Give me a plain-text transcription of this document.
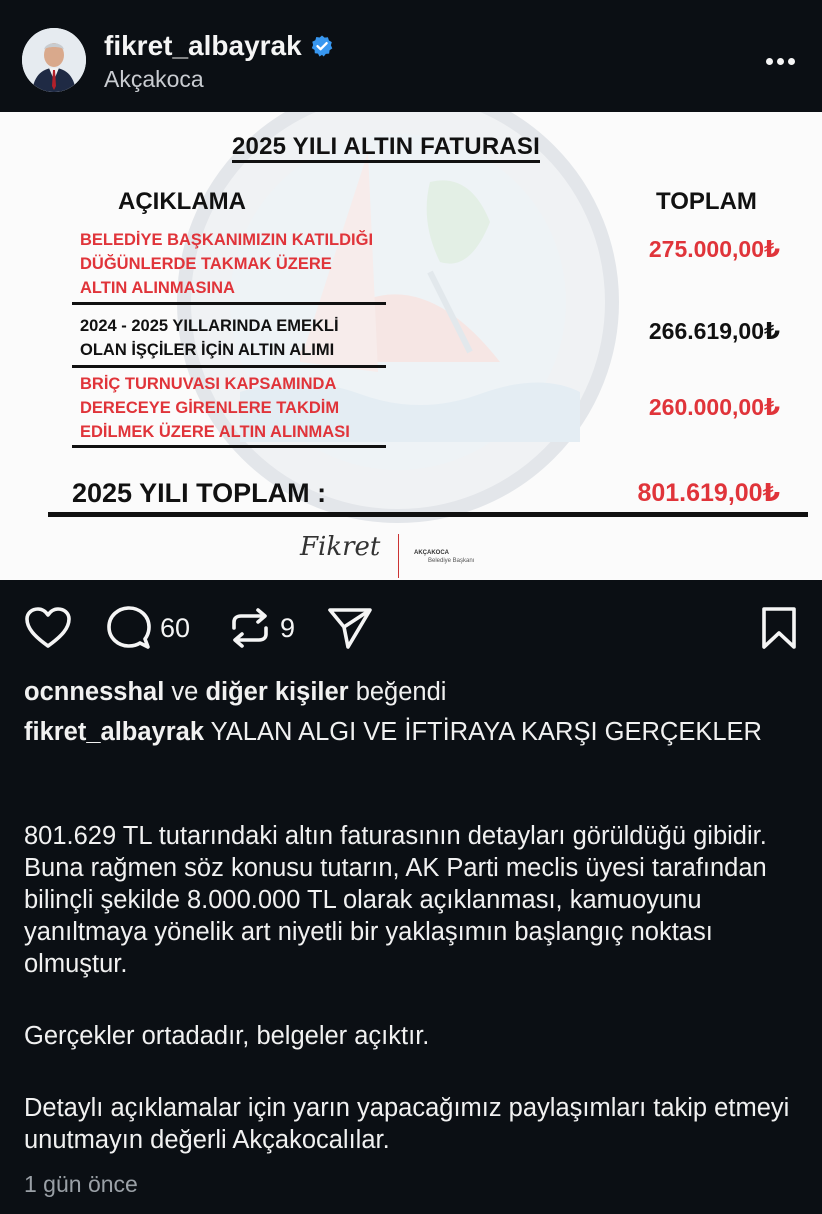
fikret_albayrak
Akçakoca
2025 YILI ALTIN FATURASI
AÇIKLAMA	TOPLAM
BELEDİYE BAŞKANIMIZIN KATILDIĞI
DÜĞÜNLERDE TAKMAK ÜZERE
ALTIN ALINMASINA
275.000,00₺
2024 - 2025 YILLARINDA EMEKLİ
OLAN İŞÇİLER İÇİN ALTIN ALIMI
266.619,00₺
BRİÇ TURNUVASI KAPSAMINDA
DERECEYE GİRENLERE TAKDİM
EDİLMEK ÜZERE ALTIN ALINMASI
260.000,00₺
2025 YILI TOPLAM :	801.619,00₺
Fikret	AKÇAKOCA
Belediye Başkanı
60	9
ocnnesshal ve diğer kişiler beğendi
fikret_albayrak YALAN ALGI VE İFTİRAYA KARŞI GERÇEKLER
801.629 TL tutarındaki altın faturasının detayları görüldüğü gibidir. Buna rağmen söz konusu tutarın, AK Parti meclis üyesi tarafından bilinçli şekilde 8.000.000 TL olarak açıklanması, kamuoyunu yanıltmaya yönelik art niyetli bir yaklaşımın başlangıç noktası olmuştur.
Gerçekler ortadadır, belgeler açıktır.
Detaylı açıklamalar için yarın yapacağımız paylaşımları takip etmeyi unutmayın değerli Akçakocalılar.
1 gün önce
